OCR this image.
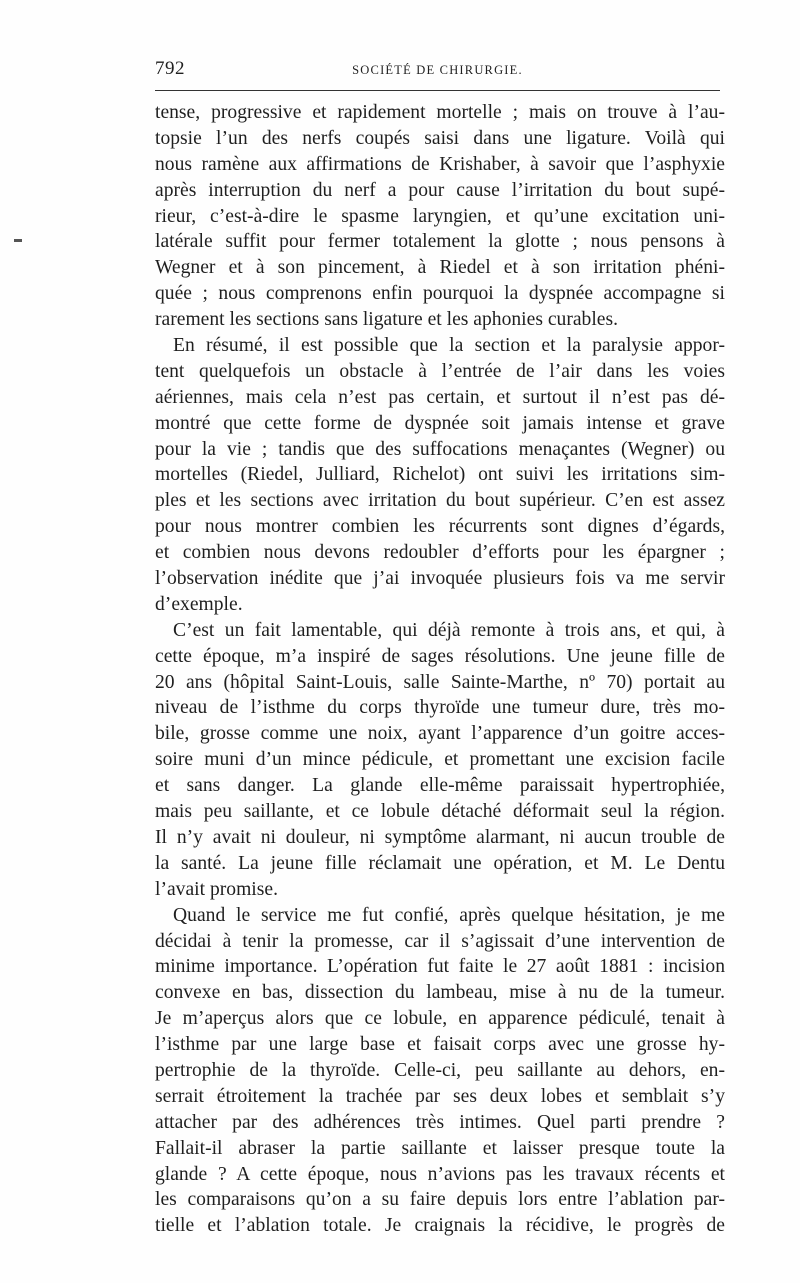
792	SOCIÉTÉ DE CHIRURGIE.
tense, progressive et rapidement mortelle ; mais on trouve à l’au-
topsie l’un des nerfs coupés saisi dans une ligature. Voilà qui
nous ramène aux affirmations de Krishaber, à savoir que l’asphyxie
après interruption du nerf a pour cause l’irritation du bout supé-
rieur, c’est-à-dire le spasme laryngien, et qu’une excitation uni-
latérale suffit pour fermer totalement la glotte ; nous pensons à
Wegner et à son pincement, à Riedel et à son irritation phéni-
quée ; nous comprenons enfin pourquoi la dyspnée accompagne si
rarement les sections sans ligature et les aphonies curables.
En résumé, il est possible que la section et la paralysie appor-
tent quelquefois un obstacle à l’entrée de l’air dans les voies
aériennes, mais cela n’est pas certain, et surtout il n’est pas dé-
montré que cette forme de dyspnée soit jamais intense et grave
pour la vie ; tandis que des suffocations menaçantes (Wegner) ou
mortelles (Riedel, Julliard, Richelot) ont suivi les irritations sim-
ples et les sections avec irritation du bout supérieur. C’en est assez
pour nous montrer combien les récurrents sont dignes d’égards,
et combien nous devons redoubler d’efforts pour les épargner ;
l’observation inédite que j’ai invoquée plusieurs fois va me servir
d’exemple.
C’est un fait lamentable, qui déjà remonte à trois ans, et qui, à
cette époque, m’a inspiré de sages résolutions. Une jeune fille de
20 ans (hôpital Saint-Louis, salle Sainte-Marthe, nº 70) portait au
niveau de l’isthme du corps thyroïde une tumeur dure, très mo-
bile, grosse comme une noix, ayant l’apparence d’un goitre acces-
soire muni d’un mince pédicule, et promettant une excision facile
et sans danger. La glande elle-même paraissait hypertrophiée,
mais peu saillante, et ce lobule détaché déformait seul la région.
Il n’y avait ni douleur, ni symptôme alarmant, ni aucun trouble de
la santé. La jeune fille réclamait une opération, et M. Le Dentu
l’avait promise.
Quand le service me fut confié, après quelque hésitation, je me
décidai à tenir la promesse, car il s’agissait d’une intervention de
minime importance. L’opération fut faite le 27 août 1881 : incision
convexe en bas, dissection du lambeau, mise à nu de la tumeur.
Je m’aperçus alors que ce lobule, en apparence pédiculé, tenait à
l’isthme par une large base et faisait corps avec une grosse hy-
pertrophie de la thyroïde. Celle-ci, peu saillante au dehors, en-
serrait étroitement la trachée par ses deux lobes et semblait s’y
attacher par des adhérences très intimes. Quel parti prendre ?
Fallait-il abraser la partie saillante et laisser presque toute la
glande ? A cette époque, nous n’avions pas les travaux récents et
les comparaisons qu’on a su faire depuis lors entre l’ablation par-
tielle et l’ablation totale. Je craignais la récidive, le progrès de
